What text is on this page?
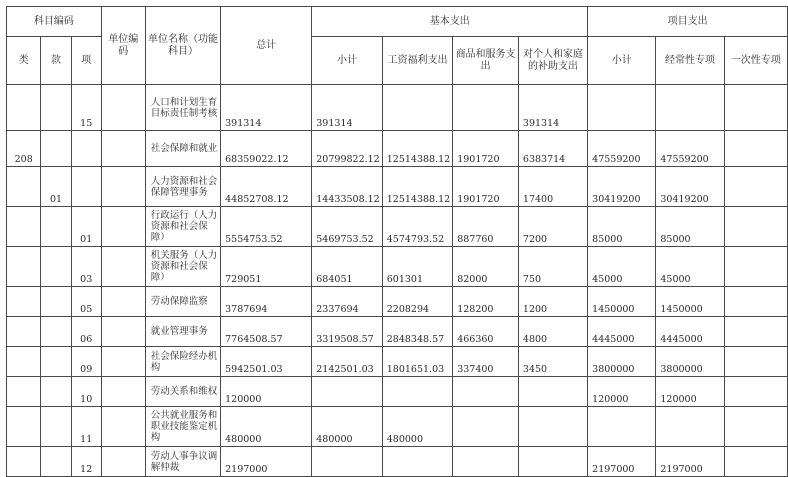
科目编码			单位编码	单位名称（功能科目）	总计	基本支出				项目支出		
类	款	项				小计	工资福利支出	商品和服务支出	对个人和家庭的补助支出	小计	经常性专项	一次性专项
		15		人口和计划生育目标责任制考核	391314	391314			391314			
208				社会保障和就业	68359022.12	20799822.12	12514388.12	1901720	6383714	47559200	47559200	
	01			人力资源和社会保障管理事务	44852708.12	14433508.12	12514388.12	1901720	17400	30419200	30419200	
		01		行政运行（人力资源和社会保障）	5554753.52	5469753.52	4574793.52	887760	7200	85000	85000	
		03		机关服务（人力资源和社会保障）	729051	684051	601301	82000	750	45000	45000	
		05		劳动保障监察	3787694	2337694	2208294	128200	1200	1450000	1450000	
		06		就业管理事务	7764508.57	3319508.57	2848348.57	466360	4800	4445000	4445000	
		09		社会保险经办机构	5942501.03	2142501.03	1801651.03	337400	3450	3800000	3800000	
		10		劳动关系和维权	120000					120000	120000	
		11		公共就业服务和职业技能鉴定机构	480000	480000	480000					
		12		劳动人事争议调解仲裁	2197000					2197000	2197000	
